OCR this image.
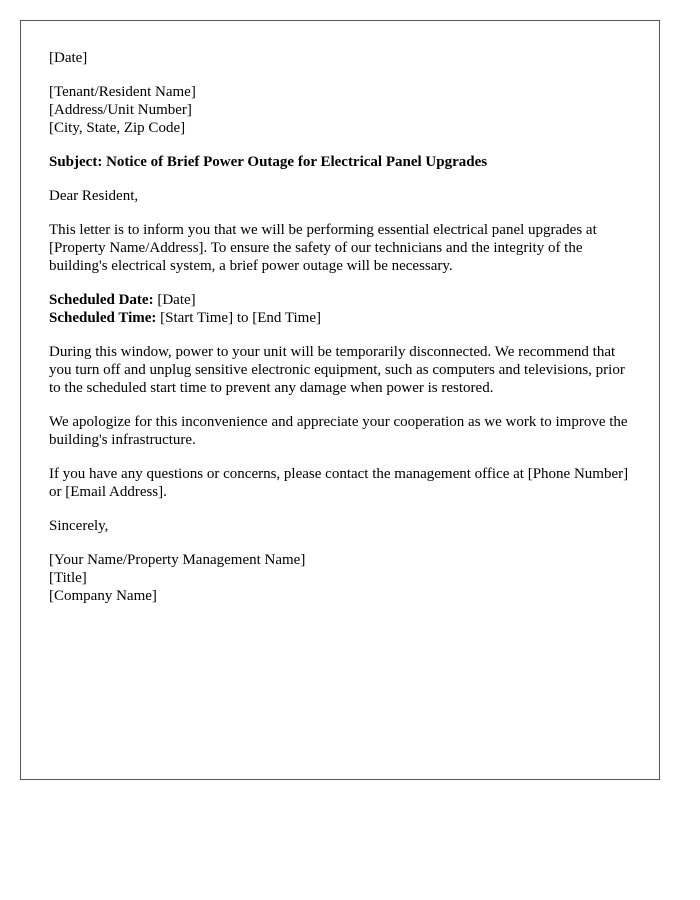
[Date]

[Tenant/Resident Name]
[Address/Unit Number]
[City, State, Zip Code]

Subject: Notice of Brief Power Outage for Electrical Panel Upgrades

Dear Resident,

This letter is to inform you that we will be performing essential electrical panel upgrades at [Property Name/Address]. To ensure the safety of our technicians and the integrity of the building's electrical system, a brief power outage will be necessary.

Scheduled Date: [Date]
Scheduled Time: [Start Time] to [End Time]

During this window, power to your unit will be temporarily disconnected. We recommend that you turn off and unplug sensitive electronic equipment, such as computers and televisions, prior to the scheduled start time to prevent any damage when power is restored.

We apologize for this inconvenience and appreciate your cooperation as we work to improve the building's infrastructure.

If you have any questions or concerns, please contact the management office at [Phone Number] or [Email Address].

Sincerely,

[Your Name/Property Management Name]
[Title]
[Company Name]
